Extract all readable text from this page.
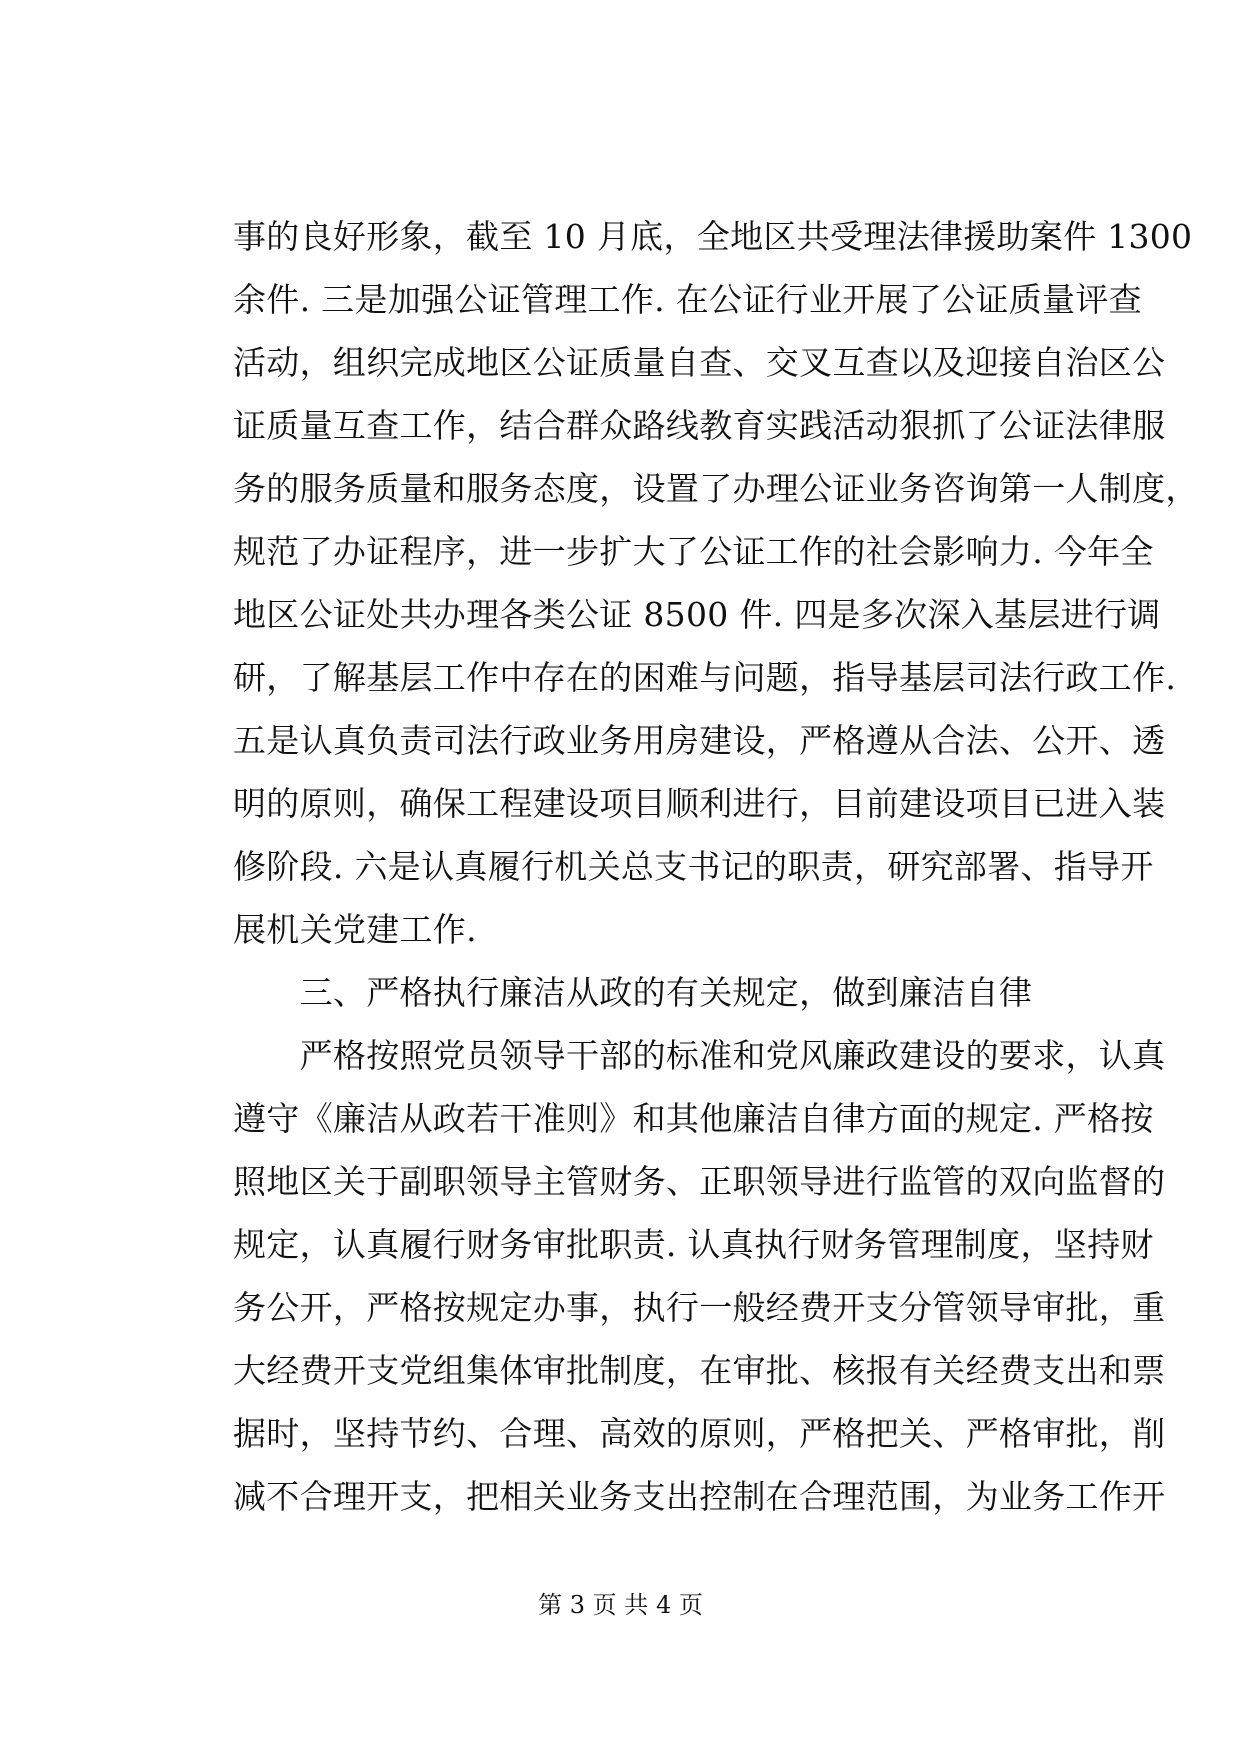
事的良好形象，截至 10 月底，全地区共受理法律援助案件 1300
余件. 三是加强公证管理工作. 在公证行业开展了公证质量评查
活动，组织完成地区公证质量自查、交叉互查以及迎接自治区公
证质量互查工作，结合群众路线教育实践活动狠抓了公证法律服
务的服务质量和服务态度，设置了办理公证业务咨询第一人制度，
规范了办证程序，进一步扩大了公证工作的社会影响力. 今年全
地区公证处共办理各类公证 8500 件. 四是多次深入基层进行调
研，了解基层工作中存在的困难与问题，指导基层司法行政工作.
五是认真负责司法行政业务用房建设，严格遵从合法、公开、透
明的原则，确保工程建设项目顺利进行，目前建设项目已进入装
修阶段. 六是认真履行机关总支书记的职责，研究部署、指导开
展机关党建工作.
　　三、严格执行廉洁从政的有关规定，做到廉洁自律
　　严格按照党员领导干部的标准和党风廉政建设的要求，认真
遵守《廉洁从政若干准则》和其他廉洁自律方面的规定. 严格按
照地区关于副职领导主管财务、正职领导进行监管的双向监督的
规定，认真履行财务审批职责. 认真执行财务管理制度，坚持财
务公开，严格按规定办事，执行一般经费开支分管领导审批，重
大经费开支党组集体审批制度，在审批、核报有关经费支出和票
据时，坚持节约、合理、高效的原则，严格把关、严格审批，削
减不合理开支，把相关业务支出控制在合理范围，为业务工作开
第 3 页 共 4 页
